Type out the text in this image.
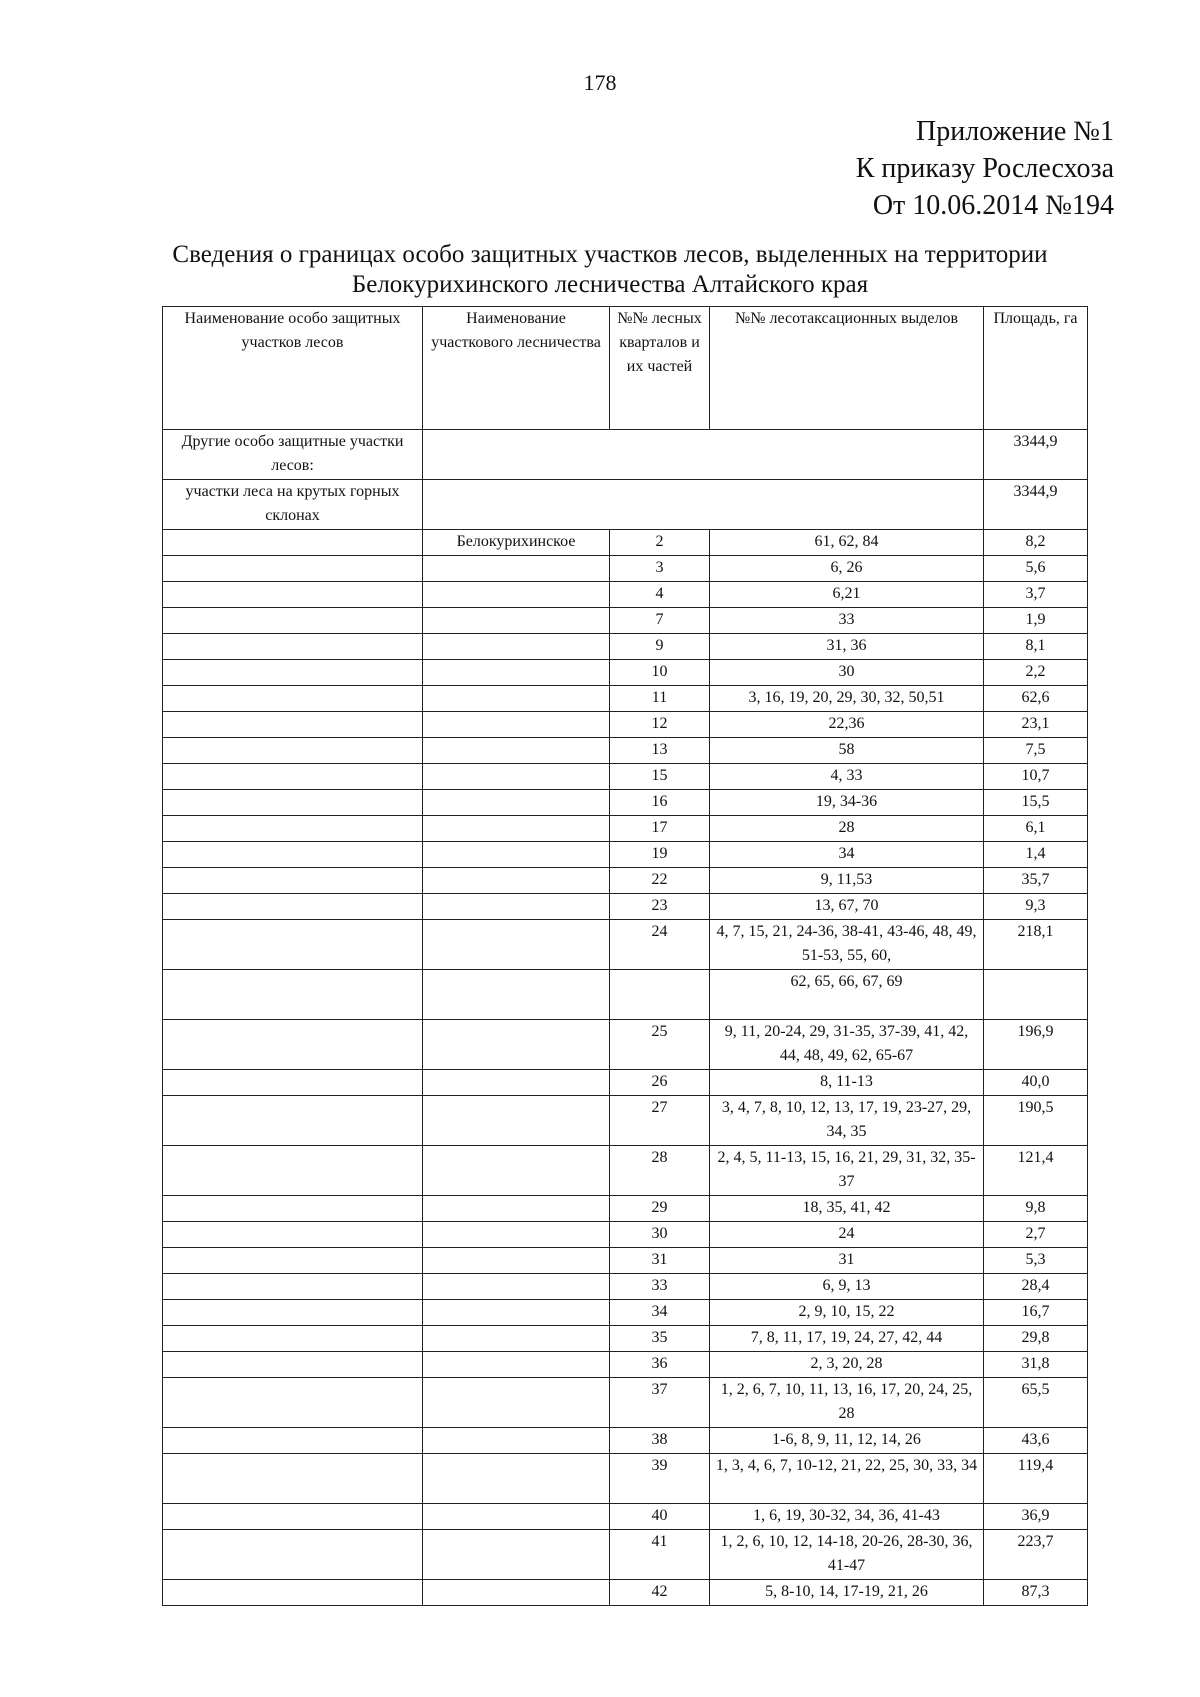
178
Приложение №1
К приказу Рослесхоза
От 10.06.2014 №194
Сведения о границах особо защитных участков лесов, выделенных на территории
Белокурихинского лесничества Алтайского края
Наименование особо защитных участков лесов	Наименование участкового лесничества	№№ лесных кварталов и их частей	№№ лесотаксационных выделов	Площадь, га
Другие особо защитные участки лесов:				3344,9
участки леса на крутых горных склонах				3344,9
	Белокурихинское	2	61, 62, 84	8,2
		3	6, 26	5,6
		4	6,21	3,7
		7	33	1,9
		9	31, 36	8,1
		10	30	2,2
		11	3, 16, 19, 20, 29, 30, 32, 50,51	62,6
		12	22,36	23,1
		13	58	7,5
		15	4, 33	10,7
		16	19, 34-36	15,5
		17	28	6,1
		19	34	1,4
		22	9, 11,53	35,7
		23	13, 67, 70	9,3
		24	4, 7, 15, 21, 24-36, 38-41, 43-46, 48, 49, 51-53, 55, 60,	218,1
			62, 65, 66, 67, 69	
		25	9, 11, 20-24, 29, 31-35, 37-39, 41, 42, 44, 48, 49, 62, 65-67	196,9
		26	8, 11-13	40,0
		27	3, 4, 7, 8, 10, 12, 13, 17, 19, 23-27, 29, 34, 35	190,5
		28	2, 4, 5, 11-13, 15, 16, 21, 29, 31, 32, 35-37	121,4
		29	18, 35, 41, 42	9,8
		30	24	2,7
		31	31	5,3
		33	6, 9, 13	28,4
		34	2, 9, 10, 15, 22	16,7
		35	7, 8, 11, 17, 19, 24, 27, 42, 44	29,8
		36	2, 3, 20, 28	31,8
		37	1, 2, 6, 7, 10, 11, 13, 16, 17, 20, 24, 25, 28	65,5
		38	1-6, 8, 9, 11, 12, 14, 26	43,6
		39	1, 3, 4, 6, 7, 10-12, 21, 22, 25, 30, 33, 34	119,4
		40	1, 6, 19, 30-32, 34, 36, 41-43	36,9
		41	1, 2, 6, 10, 12, 14-18, 20-26, 28-30, 36, 41-47	223,7
		42	5, 8-10, 14, 17-19, 21, 26	87,3
